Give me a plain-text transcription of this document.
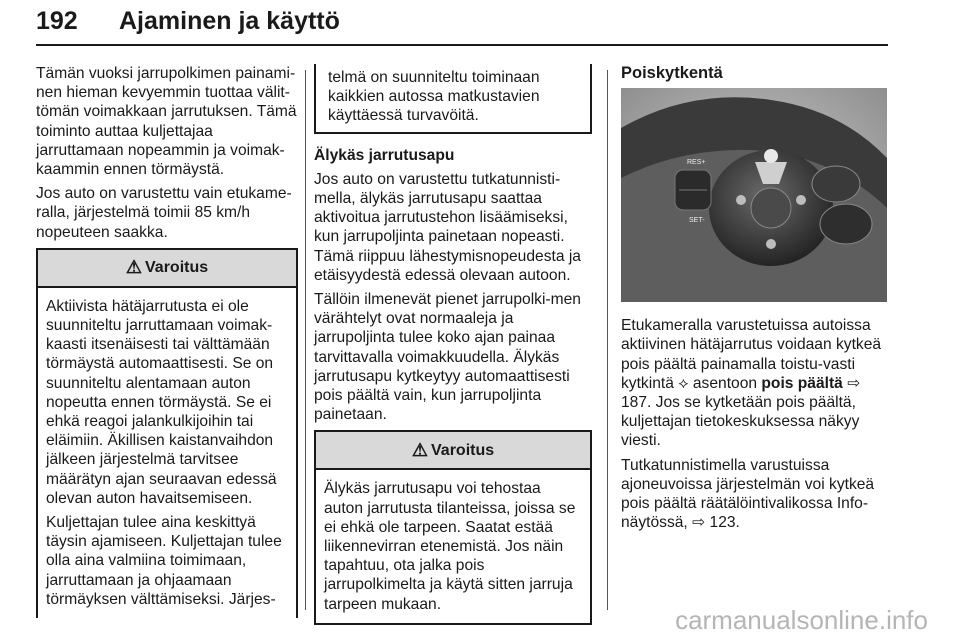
192 Ajaminen ja käyttö

Tämän vuoksi jarrupolkimen painami-nen hieman kevyemmin tuottaa välit-tömän voimakkaan jarrutuksen. Tämä toiminto auttaa kuljettajaa jarruttamaan nopeammin ja voimak-kaammin ennen törmäystä.

Jos auto on varustettu vain etukame-ralla, järjestelmä toimii 85 km/h nopeuteen saakka.

⚠ Varoitus

Aktiivista hätäjarrutusta ei ole suunniteltu jarruttamaan voimak-kaasti itsenäisesti tai välttämään törmäystä automaattisesti. Se on suunniteltu alentamaan auton nopeutta ennen törmäystä. Se ei ehkä reagoi jalankulkijoihin tai eläimiin. Äkillisen kaistanvaihdon jälkeen järjestelmä tarvitsee määrätyn ajan seuraavan edessä olevan auton havaitsemiseen.

Kuljettajan tulee aina keskittyä täysin ajamiseen. Kuljettajan tulee olla aina valmiina toimimaan, jarruttamaan ja ohjaamaan törmäyksen välttämiseksi. Järjes-

telmä on suunniteltu toiminaan kaikkien autossa matkustavien käyttäessä turvavöitä.

Älykäs jarrutusapu

Jos auto on varustettu tutkatunnisti-mella, älykäs jarrutusapu saattaa aktivoitua jarrutustehon lisäämiseksi, kun jarrupoljinta painetaan nopeasti. Tämä riippuu lähestymisnopeudesta ja etäisyydestä edessä olevaan autoon.

Tällöin ilmenevät pienet jarrupolki-men värähtelyt ovat normaaleja ja jarrupoljinta tulee koko ajan painaa tarvittavalla voimakkuudella. Älykäs jarrutusapu kytkeytyy automaattisesti pois päältä vain, kun jarrupoljinta painetaan.

⚠ Varoitus

Älykäs jarrutusapu voi tehostaa auton jarrutusta tilanteissa, joissa se ei ehkä ole tarpeen. Saatat estää liikennevirran etenemistä. Jos näin tapahtuu, ota jalka pois jarrupolkimelta ja käytä sitten jarruja tarpeen mukaan.

Poiskytkentä

RES+
SET-

Etukameralla varustetuissa autoissa aktiivinen hätäjarrutus voidaan kytkeä pois päältä painamalla toistu-vasti kytkintä ⟡ asentoon pois päältä ⇨ 187. Jos se kytketään pois päältä, kuljettajan tietokeskuksessa näkyy viesti.

Tutkatunnistimella varustuissa ajoneuvoissa järjestelmän voi kytkeä pois päältä räätälöintivalikossa Info-näytössä, ⇨ 123.

carmanualsonline.info
